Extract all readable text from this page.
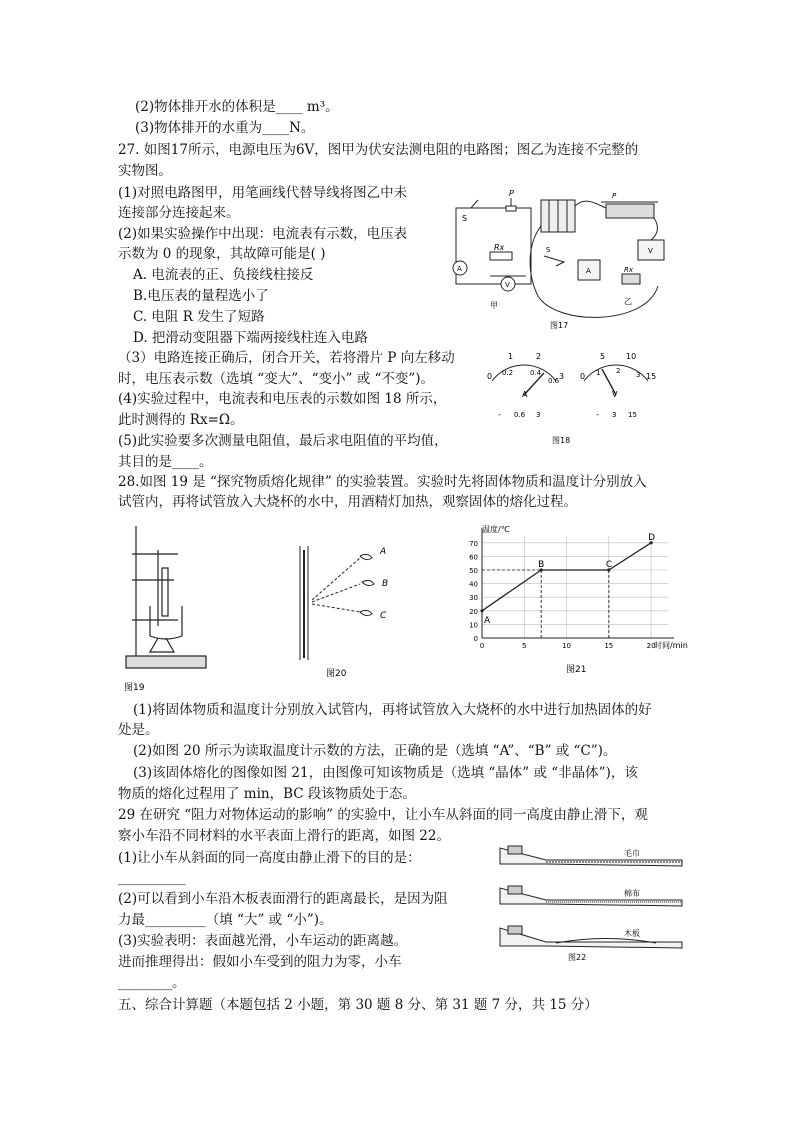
(2)物体排开水的体积是____ m³。
(3)物体排开的水重为____N。
27. 如图17所示，电源电压为6V，图甲为伏安法测电阻的电路图；图乙为连接不完整的
实物图。
(1)对照电路图甲，用笔画线代替导线将图乙中未
连接部分连接起来。
(2)如果实验操作中出现：电流表有示数，电压表
示数为 0 的现象，其故障可能是( )
A. 电流表的正、负接线柱接反
B.电压表的量程选小了
C. 电阻 R 发生了短路
D. 把滑动变阻器下端两接线柱连入电路
（3）电路连接正确后，闭合开关，若将滑片 P 向左移动
时，电压表示数（选填 “变大”、“变小” 或 “不变”)。
(4)实验过程中，电流表和电压表的示数如图 18 所示，
此时测得的 Rx=Ω。
(5)此实验要多次测量电阻值，最后求电阻值的平均值，
其目的是____。
28.如图 19 是 “探究物质熔化规律” 的实验装置。实验时先将固体物质和温度计分别放入
试管内，再将试管放入大烧杯的水中，用酒精灯加热，观察固体的熔化过程。
(1)将固体物质和温度计分别放入试管内，再将试管放入大烧杯的水中进行加热固体的好
处是。
(2)如图 20 所示为读取温度计示数的方法，正确的是（选填 “A”、“B” 或 “C”)。
(3)该固体熔化的图像如图 21，由图像可知该物质是（选填 “晶体” 或 “非晶体”)，该
物质的熔化过程用了 min，BC 段该物质处于态。
29 在研究 “阻力对物体运动的影响” 的实验中，让小车从斜面的同一高度由静止滑下，观
察小车沿不同材料的水平表面上滑行的距离，如图 22。
(1)让小车从斜面的同一高度由静止滑下的目的是：
__________
(2)可以看到小车沿木板表面滑行的距离最长，是因为阻
力最_________（填 “大” 或 “小”)。
(3)实验表明：表面越光滑，小车运动的距离越。
进而推理得出：假如小车受到的阻力为零，小车
________。
五、综合计算题（本题包括 2 小题，第 30 题 8 分、第 31 题 7 分，共 15 分）
S
P
Rx
A
V
P
S
Rx
A
V
甲	乙
图17
0
1	2
3
0.2 0.4
0.6
A
- 0.6 3
0
5	10
15
1 2 3
V
- 3 15
图18
图19
A
B
C
图20
温度/℃
时间/min
图21
0
10
20
30
40
50
60
70
0	5	10	15	20
A
B	C
D
毛巾
棉布
木板
图22
